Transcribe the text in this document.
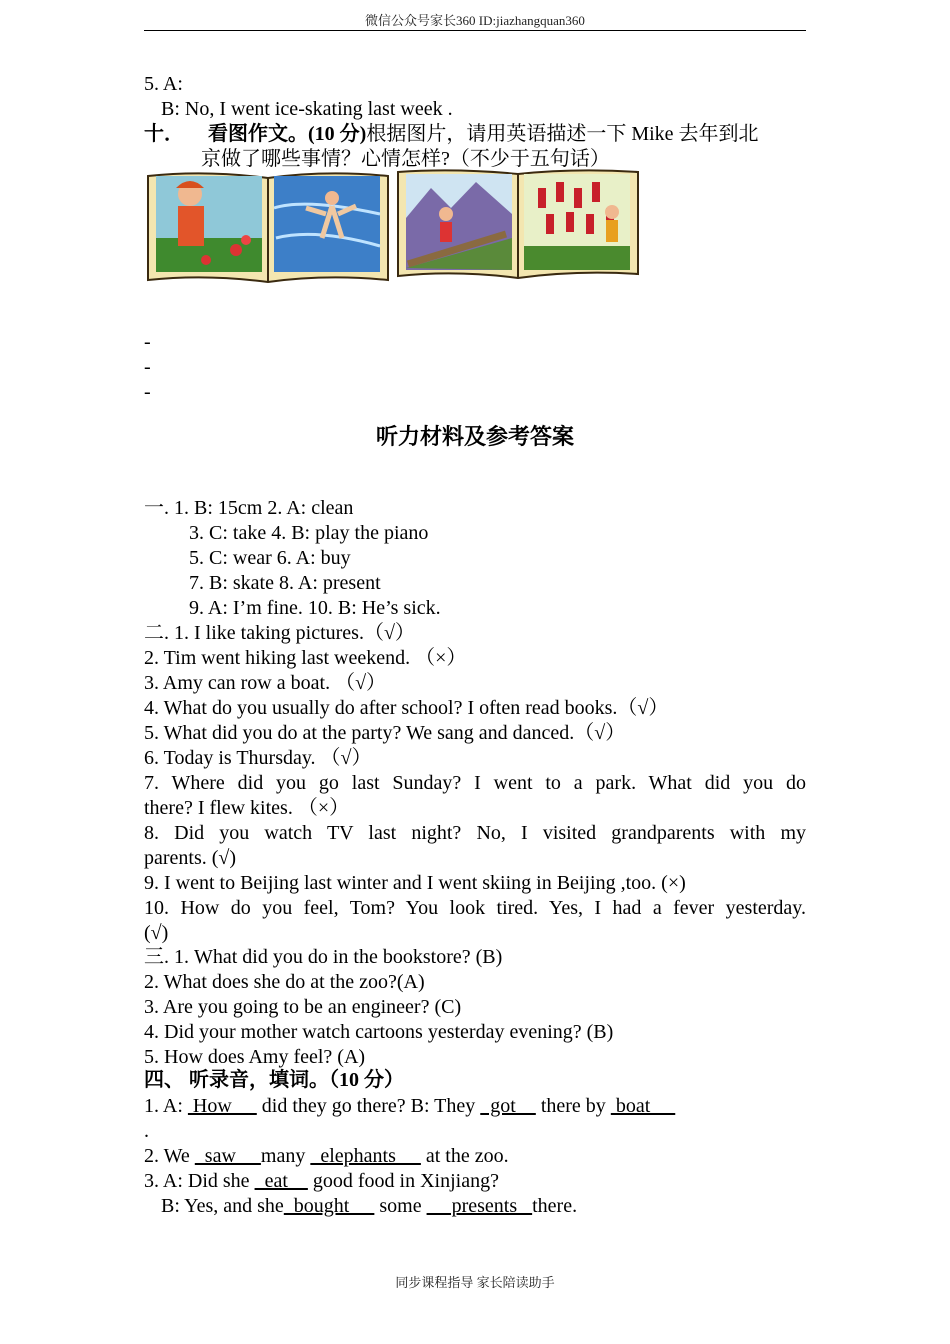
微信公众号家长360 ID:jiazhangquan360
5. A:
B: No, I went ice-skating last week .
十． 看图作文。(10 分)根据图片，请用英语描述一下 Mike 去年到北
京做了哪些事情？心情怎样?（不少于五句话）
-
-
-
听力材料及参考答案
一. 1. B: 15cm 2. A: clean
3. C: take 4. B: play the piano
5. C: wear 6. A: buy
7. B: skate 8. A: present
9. A: I’m fine. 10. B: He’s sick.
二. 1. I like taking pictures.（√）
2. Tim went hiking last weekend. （×）
3. Amy can row a boat. （√）
4. What do you usually do after school? I often read books.（√）
5. What did you do at the party? We sang and danced.（√）
6. Today is Thursday. （√）
7. Where did you go last Sunday? I went to a park. What did you do
there? I flew kites. （×）
8. Did you watch TV last night? No, I visited grandparents with my
parents. (√)
9. I went to Beijing last winter and I went skiing in Beijing ,too. (×)
10. How do you feel, Tom? You look tired. Yes, I had a fever yesterday.
(√)
三. 1. What did you do in the bookstore? (B)
2. What does she do at the zoo?(A)
3. Are you going to be an engineer? (C)
4. Did your mother watch cartoons yesterday evening? (B)
5. How does Amy feel? (A)
四、 听录音，填词。（10 分）
1. A:  How      did they go there? B: They   got     there by  boat
.
2. We   saw     many   elephants      at the zoo.
3. A: Did she   eat     good food in Xinjiang?
B: Yes, and she  bought      some      presents   there.
同步课程指导 家长陪读助手
